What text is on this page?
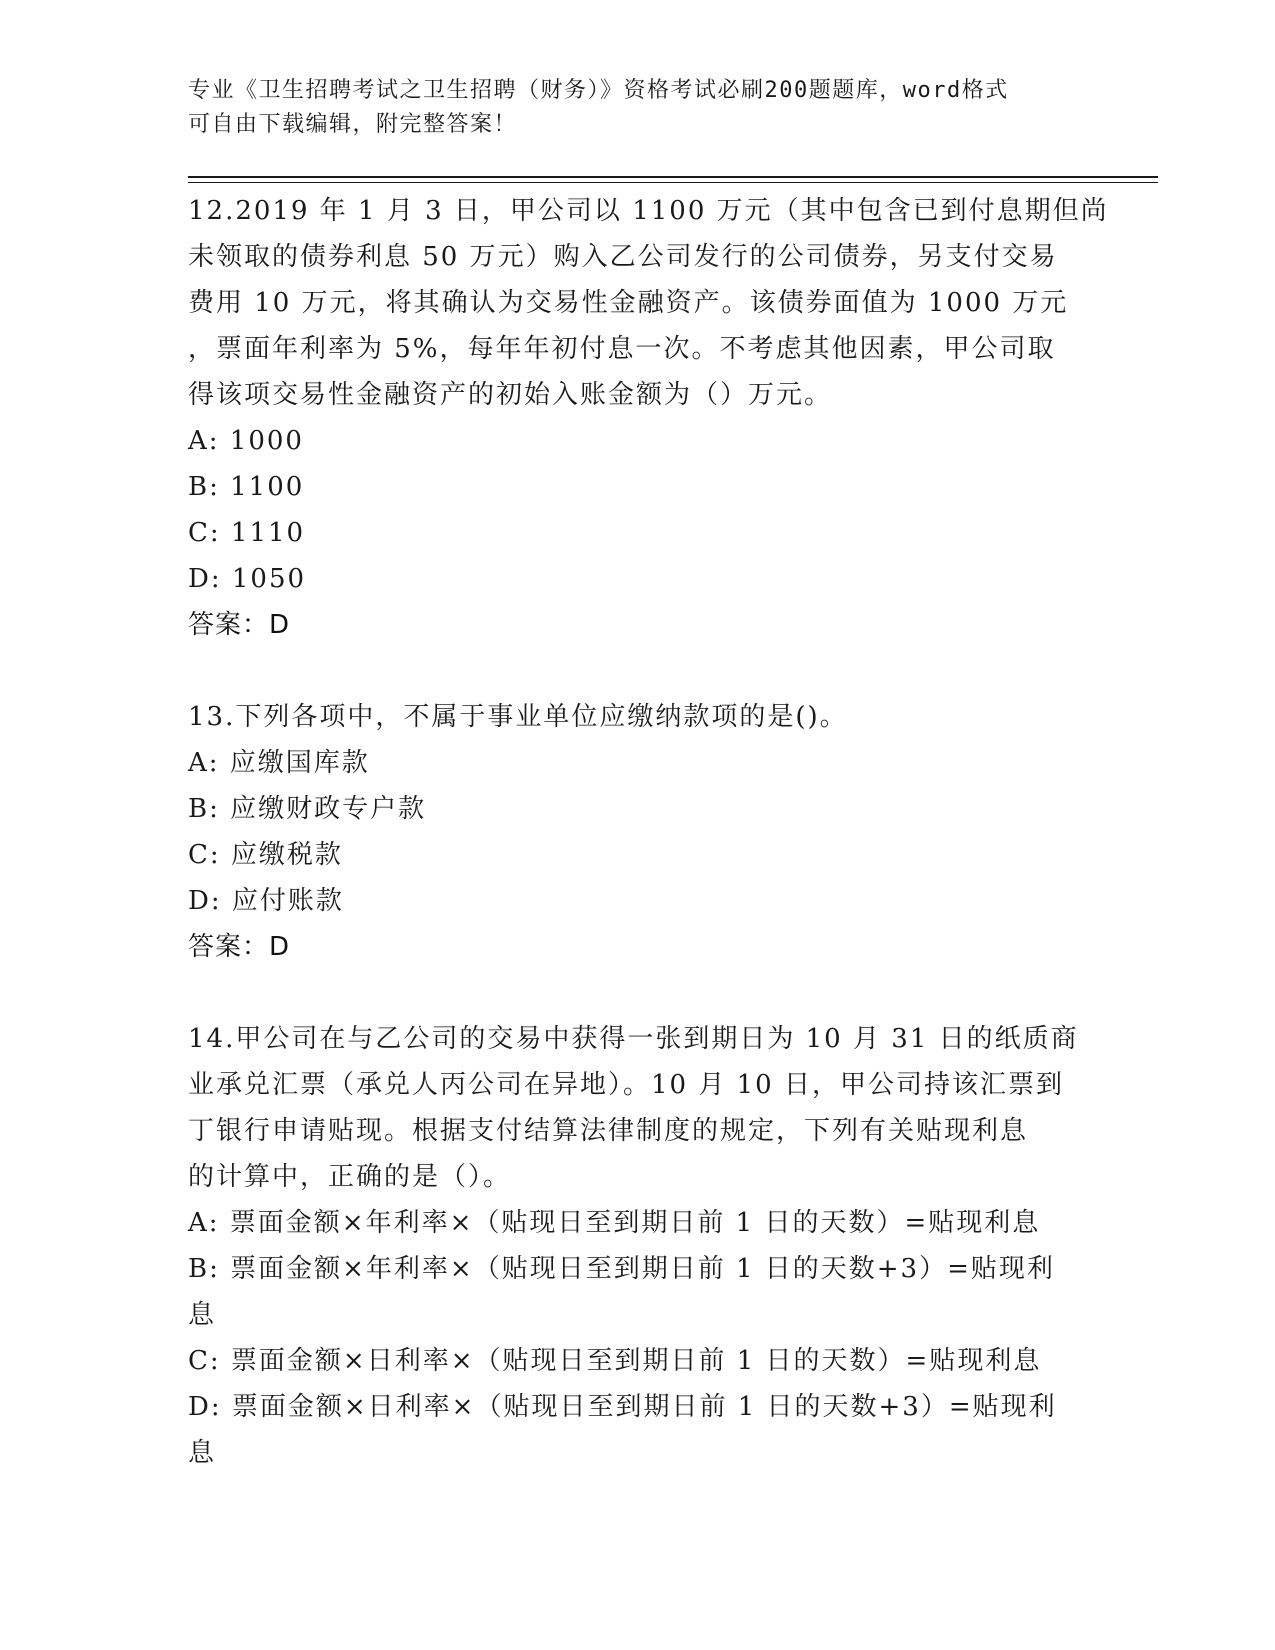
专业《卫生招聘考试之卫生招聘（财务）》资格考试必刷200题题库，word格式
可自由下载编辑，附完整答案！
12.2019 年 1 月 3 日，甲公司以 1100 万元（其中包含已到付息期但尚
未领取的债券利息 50 万元）购入乙公司发行的公司债券，另支付交易
费用 10 万元，将其确认为交易性金融资产。该债券面值为 1000 万元
，票面年利率为 5%，每年年初付息一次。不考虑其他因素，甲公司取
得该项交易性金融资产的初始入账金额为（）万元。
A: 1000
B: 1100
C: 1110
D: 1050
答案：D
13.下列各项中，不属于事业单位应缴纳款项的是()。
A: 应缴国库款
B: 应缴财政专户款
C: 应缴税款
D: 应付账款
答案：D
14.甲公司在与乙公司的交易中获得一张到期日为 10 月 31 日的纸质商
业承兑汇票（承兑人丙公司在异地）。10 月 10 日，甲公司持该汇票到
丁银行申请贴现。根据支付结算法律制度的规定，下列有关贴现利息
的计算中，正确的是（）。
A: 票面金额×年利率×（贴现日至到期日前 1 日的天数）=贴现利息
B: 票面金额×年利率×（贴现日至到期日前 1 日的天数+3）=贴现利
息
C: 票面金额×日利率×（贴现日至到期日前 1 日的天数）=贴现利息
D: 票面金额×日利率×（贴现日至到期日前 1 日的天数+3）=贴现利
息
